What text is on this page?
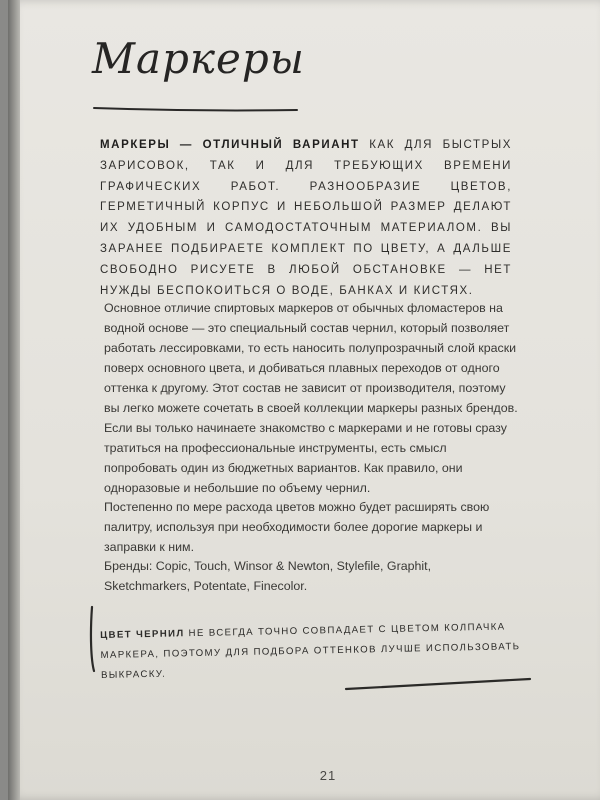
Маркеры

МАРКЕРЫ — ОТЛИЧНЫЙ ВАРИАНТ КАК ДЛЯ БЫСТРЫХ ЗАРИСОВОК, ТАК И ДЛЯ ТРЕБУЮЩИХ ВРЕМЕНИ ГРАФИЧЕСКИХ РАБОТ. РАЗНООБРАЗИЕ ЦВЕТОВ, ГЕРМЕТИЧНЫЙ КОРПУС И НЕБОЛЬШОЙ РАЗМЕР ДЕЛАЮТ ИХ УДОБНЫМ И САМОДОСТАТОЧНЫМ МАТЕРИАЛОМ. ВЫ ЗАРАНЕЕ ПОДБИРАЕТЕ КОМПЛЕКТ ПО ЦВЕТУ, А ДАЛЬШЕ СВОБОДНО РИСУЕТЕ В ЛЮБОЙ ОБСТАНОВКЕ — НЕТ НУЖДЫ БЕСПОКОИТЬСЯ О ВОДЕ, БАНКАХ И КИСТЯХ.

Основное отличие спиртовых маркеров от обычных фломастеров на водной основе — это специальный состав чернил, который позволяет работать лессировками, то есть наносить полупрозрачный слой краски поверх основного цвета, и добиваться плавных переходов от одного оттенка к другому. Этот состав не зависит от производителя, поэтому вы легко можете сочетать в своей коллекции маркеры разных брендов.

Если вы только начинаете знакомство с маркерами и не готовы сразу тратиться на профессиональные инструменты, есть смысл попробовать один из бюджетных вариантов. Как правило, они одноразовые и небольшие по объему чернил.

Постепенно по мере расхода цветов можно будет расширять свою палитру, используя при необходимости более дорогие маркеры и заправки к ним.

Бренды: Copic, Touch, Winsor & Newton, Stylefile, Graphit, Sketchmarkers, Potentate, Finecolor.

ЦВЕТ ЧЕРНИЛ НЕ ВСЕГДА ТОЧНО СОВПАДАЕТ С ЦВЕТОМ КОЛПАЧКА МАРКЕРА, ПОЭТОМУ ДЛЯ ПОДБОРА ОТТЕНКОВ ЛУЧШЕ ИСПОЛЬЗОВАТЬ ВЫКРАСКУ.

21
